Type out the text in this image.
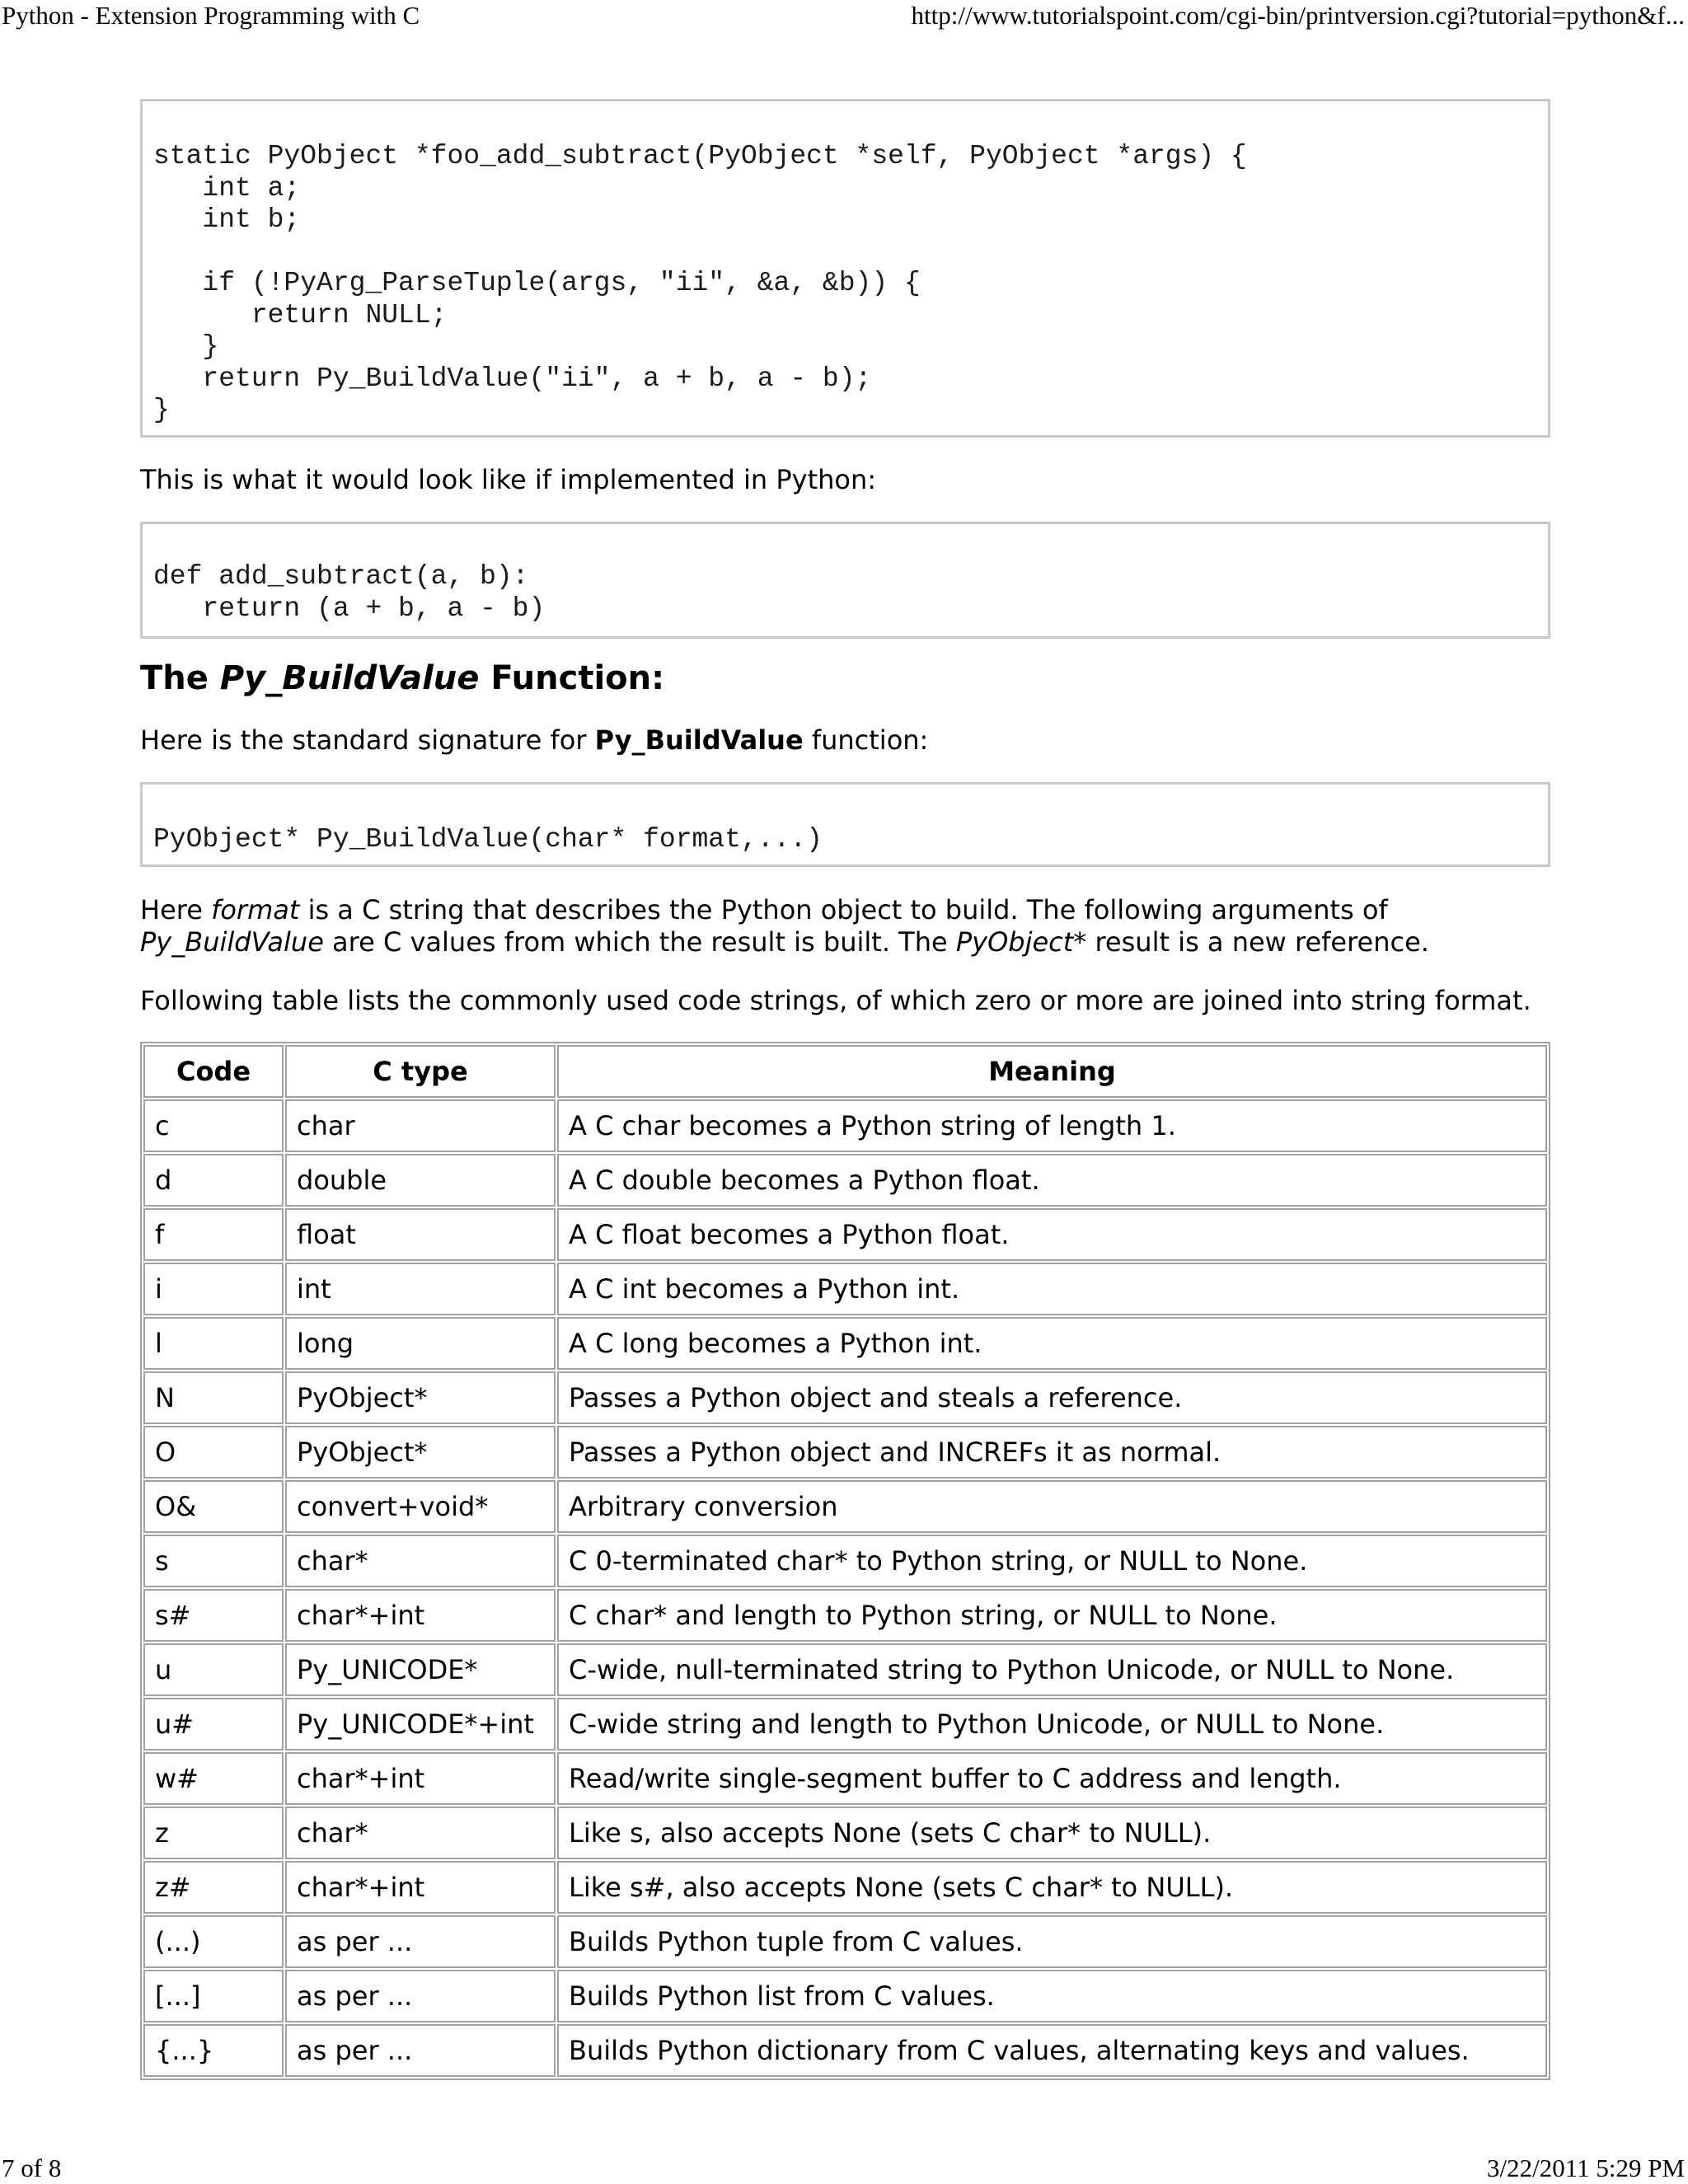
Python - Extension Programming with C	http://www.tutorialspoint.com/cgi-bin/printversion.cgi?tutorial=python&f...
static PyObject *foo_add_subtract(PyObject *self, PyObject *args) {
int a;
int b;

if (!PyArg_ParseTuple(args, "ii", &a, &b)) {
return NULL;
}
return Py_BuildValue("ii", a + b, a - b);
}
This is what it would look like if implemented in Python:
def add_subtract(a, b):
return (a + b, a - b)
The Py_BuildValue Function:
Here is the standard signature for Py_BuildValue function:
PyObject* Py_BuildValue(char* format,...)
Here format is a C string that describes the Python object to build. The following arguments of
Py_BuildValue are C values from which the result is built. The PyObject* result is a new reference.
Following table lists the commonly used code strings, of which zero or more are joined into string format.
Code	C type	Meaning
c	char	A C char becomes a Python string of length 1.
d	double	A C double becomes a Python float.
f	float	A C float becomes a Python float.
i	int	A C int becomes a Python int.
l	long	A C long becomes a Python int.
N	PyObject*	Passes a Python object and steals a reference.
O	PyObject*	Passes a Python object and INCREFs it as normal.
O&	convert+void*	Arbitrary conversion
s	char*	C 0-terminated char* to Python string, or NULL to None.
s#	char*+int	C char* and length to Python string, or NULL to None.
u	Py_UNICODE*	C-wide, null-terminated string to Python Unicode, or NULL to None.
u#	Py_UNICODE*+int	C-wide string and length to Python Unicode, or NULL to None.
w#	char*+int	Read/write single-segment buffer to C address and length.
z	char*	Like s, also accepts None (sets C char* to NULL).
z#	char*+int	Like s#, also accepts None (sets C char* to NULL).
(...)	as per ...	Builds Python tuple from C values.
[...]	as per ...	Builds Python list from C values.
{...}	as per ...	Builds Python dictionary from C values, alternating keys and values.
7 of 8	3/22/2011 5:29 PM
